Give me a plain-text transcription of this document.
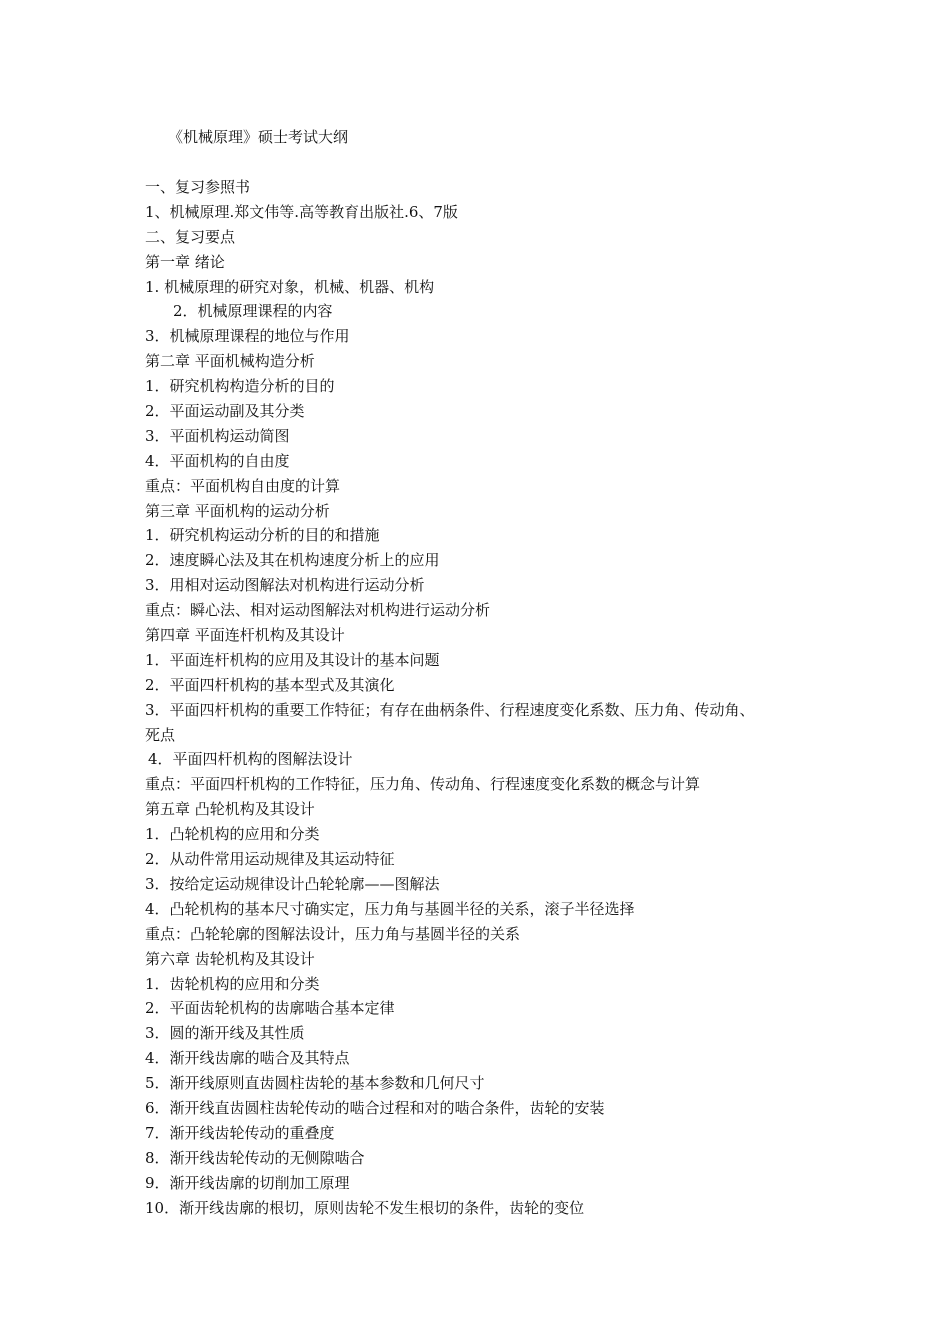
《机械原理》硕士考试大纲
一、复习参照书
1、机械原理.郑文伟等.高等教育出版社.6、7版
二、复习要点
第一章 绪论
1. 机械原理的研究对象，机械、机器、机构
2．机械原理课程的内容
3．机械原理课程的地位与作用
第二章 平面机械构造分析
1．研究机构构造分析的目的
2．平面运动副及其分类
3．平面机构运动简图
4．平面机构的自由度
重点：平面机构自由度的计算
第三章 平面机构的运动分析
1．研究机构运动分析的目的和措施
2．速度瞬心法及其在机构速度分析上的应用
3．用相对运动图解法对机构进行运动分析
重点：瞬心法、相对运动图解法对机构进行运动分析
第四章 平面连杆机构及其设计
1．平面连杆机构的应用及其设计的基本问题
2．平面四杆机构的基本型式及其演化
3．平面四杆机构的重要工作特征；有存在曲柄条件、行程速度变化系数、压力角、传动角、
死点
4．平面四杆机构的图解法设计
重点：平面四杆机构的工作特征，压力角、传动角、行程速度变化系数的概念与计算
第五章 凸轮机构及其设计
1．凸轮机构的应用和分类
2．从动件常用运动规律及其运动特征
3．按给定运动规律设计凸轮轮廓——图解法
4．凸轮机构的基本尺寸确实定，压力角与基圆半径的关系，滚子半径选择
重点：凸轮轮廓的图解法设计，压力角与基圆半径的关系
第六章 齿轮机构及其设计
1．齿轮机构的应用和分类
2．平面齿轮机构的齿廓啮合基本定律
3．圆的渐开线及其性质
4．渐开线齿廓的啮合及其特点
5．渐开线原则直齿圆柱齿轮的基本参数和几何尺寸
6．渐开线直齿圆柱齿轮传动的啮合过程和对的啮合条件，齿轮的安装
7．渐开线齿轮传动的重叠度
8．渐开线齿轮传动的无侧隙啮合
9．渐开线齿廓的切削加工原理
10．渐开线齿廓的根切，原则齿轮不发生根切的条件，齿轮的变位
